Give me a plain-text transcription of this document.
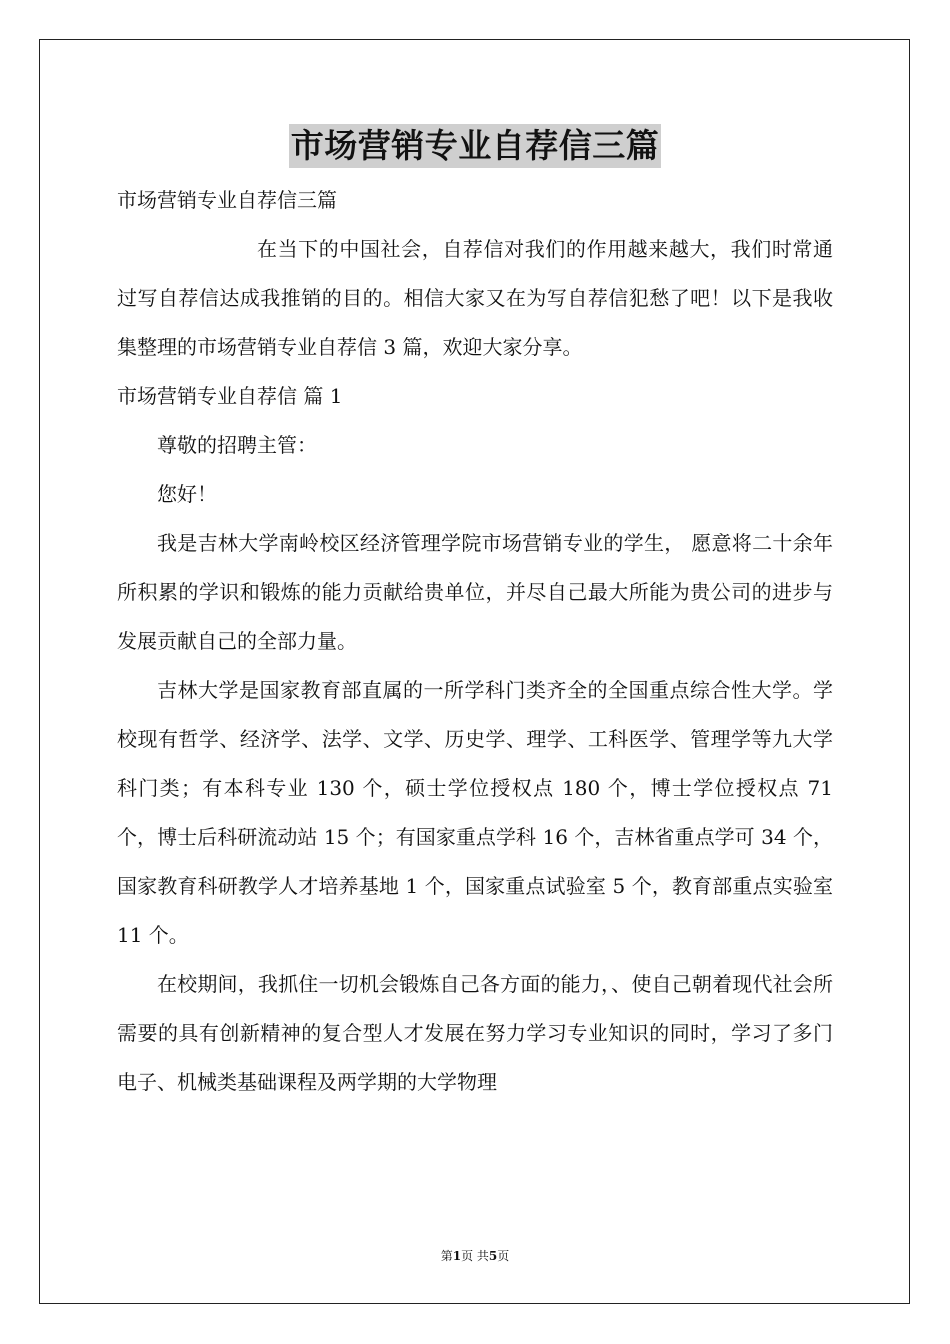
市场营销专业自荐信三篇

市场营销专业自荐信三篇

在当下的中国社会，自荐信对我们的作用越来越大，我们时常通过写自荐信达成我推销的目的。相信大家又在为写自荐信犯愁了吧！以下是我收集整理的市场营销专业自荐信 3 篇，欢迎大家分享。

市场营销专业自荐信 篇 1

尊敬的招聘主管：

您好！

我是吉林大学南岭校区经济管理学院市场营销专业的学生， 愿意将二十余年所积累的学识和锻炼的能力贡献给贵单位，并尽自己最大所能为贵公司的进步与发展贡献自己的全部力量。

吉林大学是国家教育部直属的一所学科门类齐全的全国重点综合性大学。学校现有哲学、经济学、法学、文学、历史学、理学、工科医学、管理学等九大学科门类；有本科专业 130 个，硕士学位授权点 180 个，博士学位授权点 71 个，博士后科研流动站 15 个；有国家重点学科 16 个，吉林省重点学可 34 个，国家教育科研教学人才培养基地 1 个，国家重点试验室 5 个，教育部重点实验室 11 个。

在校期间，我抓住一切机会锻炼自己各方面的能力，、使自己朝着现代社会所需要的具有创新精神的复合型人才发展在努力学习专业知识的同时，学习了多门电子、机械类基础课程及两学期的大学物理

第1页 共5页
